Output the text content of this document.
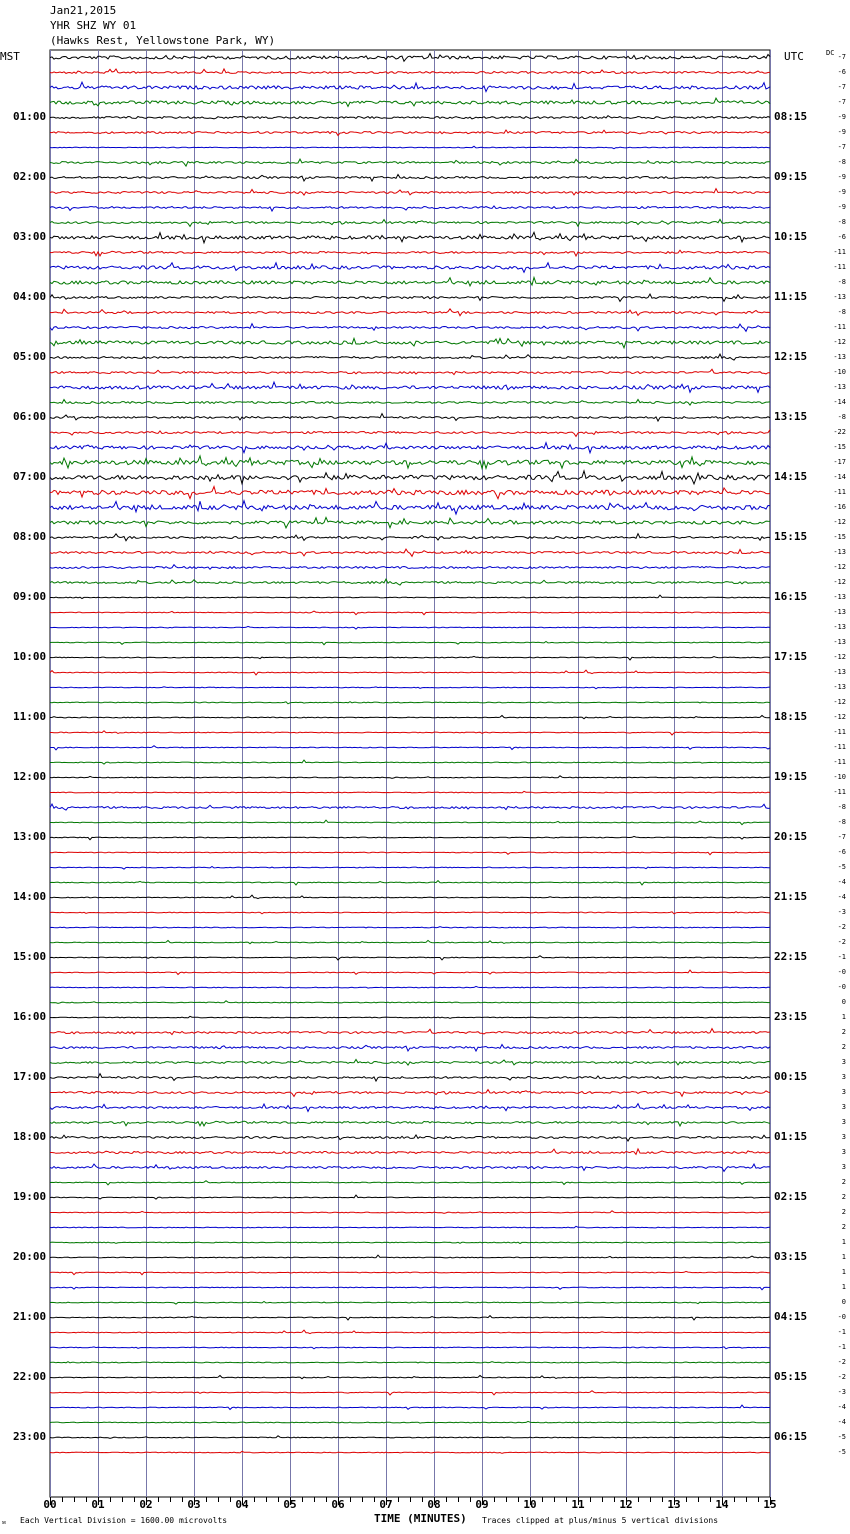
Jan21,2015
YHR SHZ WY 01
(Hawks Rest, Yellowstone Park, WY)
MST	UTC	DC
00	01	02	03	04	05	06	07	08	09	10	11	12	13	14	15
01:00
02:00
03:00
04:00
05:00
06:00
07:00
08:00
09:00
10:00
11:00
12:00
13:00
14:00
15:00
16:00
17:00
18:00
19:00
20:00
21:00
22:00
23:00
08:15
09:15
10:15
11:15
12:15
13:15
14:15
15:15
16:15
17:15
18:15
19:15
20:15
21:15
22:15
23:15
00:15
01:15
02:15
03:15
04:15
05:15
06:15
-7
-6
-7
-7
-9
-9
-7
-8
-9
-9
-9
-8
-6
-11
-11
-8
-13
-8
-11
-12
-13
-10
-13
-14
-8
-22
-15
-17
-14
-11
-16
-12
-15
-13
-12
-12
-13
-13
-13
-13
-12
-13
-13
-12
-12
-11
-11
-11
-10
-11
-8
-8
-7
-6
-5
-4
-4
-3
-2
-2
-1
-0
-0
0
1
2
2
3
3
3
3
3
3
3
3
2
2
2
2
1
1
1
1
0
-0
-1
-1
-2
-2
-3
-4
-4
-5
-5
Each Vertical Division = 1600.00 microvolts	Traces clipped at plus/minus 5 vertical divisions
ᴍ	TIME (MINUTES)
